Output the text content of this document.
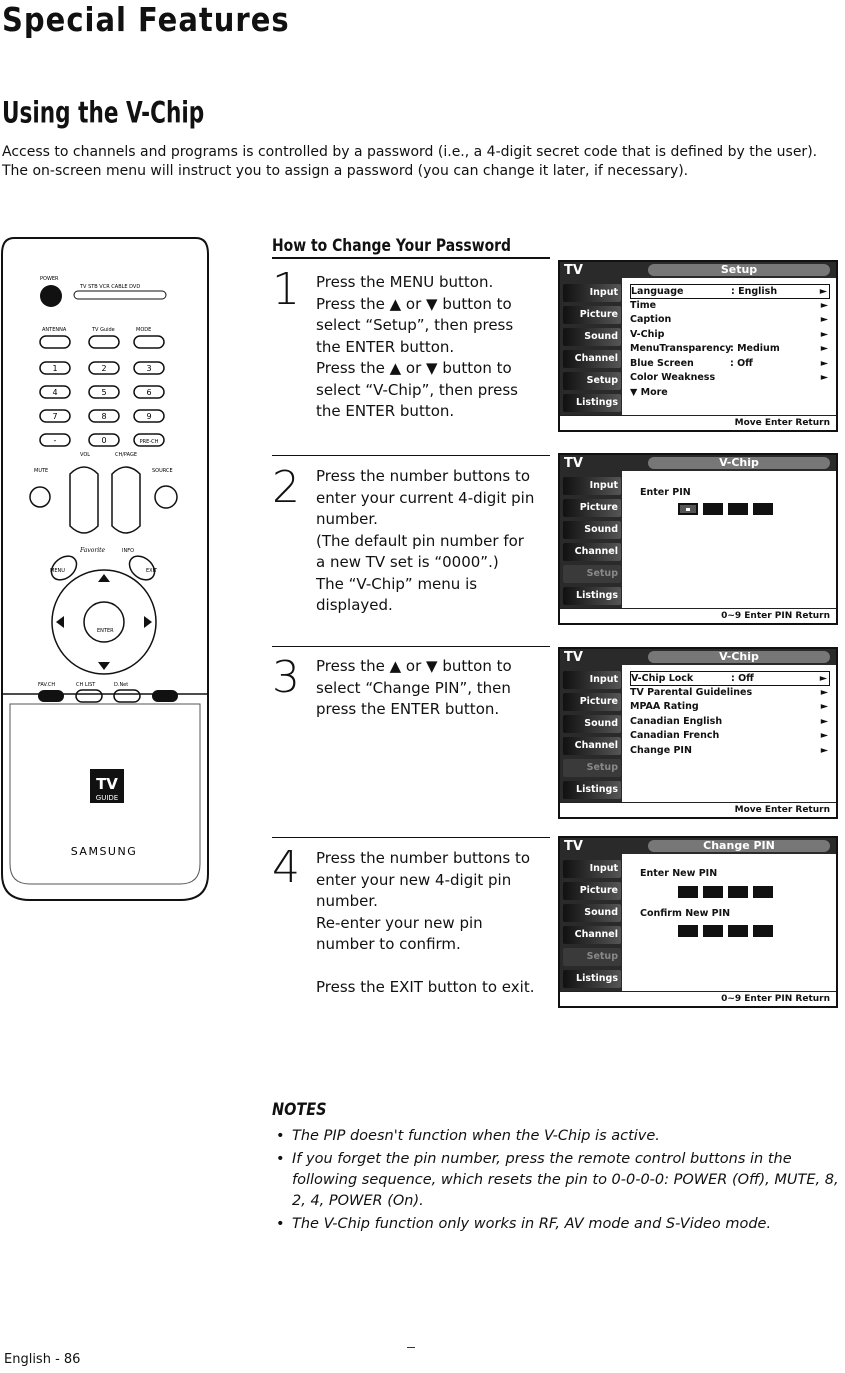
Special Features
Using the V-Chip
Access to channels and programs is controlled by a password (i.e., a 4-digit secret code that is defined by the user). The on-screen menu will instruct you to assign a password (you can change it later, if necessary).
POWER
TV STB VCR CABLE DVD
ANTENNA	TV Guide	MODE
1	2	3
4	5	6
7	8	9
-	0	PRE-CH
VOL	CH/PAGE
MUTE	SOURCE
Favorite	INFO
MENU	EXIT
ENTER
FAV.CH	CH LIST	D.Net
TV
GUIDE
SAMSUNG
How to Change Your Password
1 Press the MENU button.
Press the ▲ or ▼ button to
select “Setup”, then press
the ENTER button.
Press the ▲ or ▼ button to
select “V-Chip”, then press
the ENTER button.
TV
Input
Picture
Sound
Channel
Setup
Listings
Setup
Language	: English	►
Time	►
Caption	►
V-Chip	►
MenuTransparency
: Medium	►
Blue Screen	: Off	►
Color Weakness	►
▼ More
Move Enter Return
2 Press the number buttons to
enter your current 4-digit pin
number.
(The default pin number for
a new TV set is “0000”.)
The “V-Chip” menu is
displayed.
TV
Input
Picture
Sound
Channel
Setup
Listings
V-Chip
Enter PIN
0~9 Enter PIN Return
3 Press the ▲ or ▼ button to
select “Change PIN”, then
press the ENTER button.
TV
Input
Picture
Sound
Channel
Setup
Listings
V-Chip
V-Chip Lock	: Off	►
TV Parental Guidelines	►
MPAA Rating	►
Canadian English	►
Canadian French	►
Change PIN	►
Move Enter Return
4 Press the number buttons to
enter your new 4-digit pin
number.
Re-enter your new pin
number to confirm.
Press the EXIT button to exit.
TV
Input
Picture
Sound
Channel
Setup
Listings
Change PIN
Enter New PIN
Confirm New PIN
0~9 Enter PIN Return
NOTES
• The PIP doesn't function when the V-Chip is active.
• If you forget the pin number, press the remote control buttons in the following sequence, which resets the pin to 0-0-0-0: POWER (Off), MUTE, 8, 2, 4, POWER (On).
• The V-Chip function only works in RF, AV mode and S-Video mode.
English - 86
